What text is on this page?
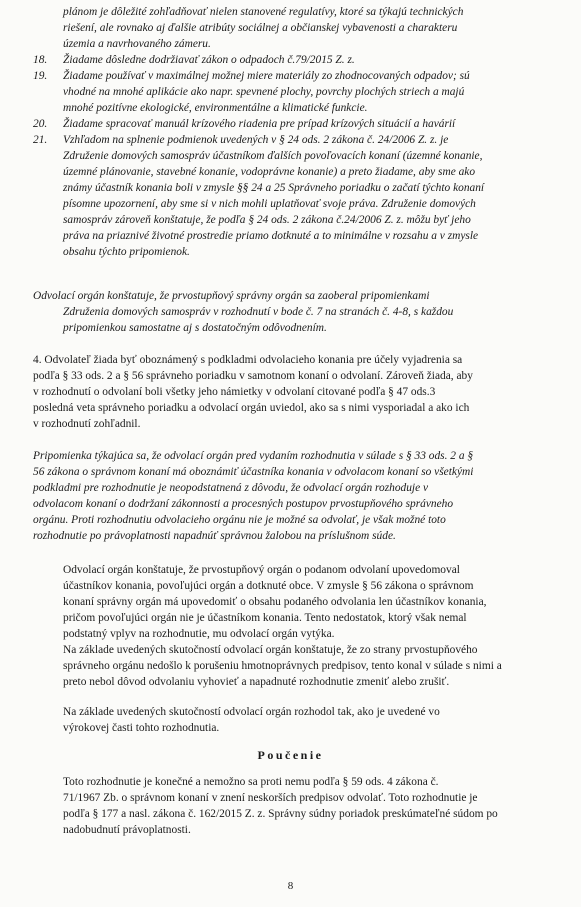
plánom je dôležité zohľadňovať nielen stanovené regulatívy, ktoré sa týkajú technických
riešení, ale rovnako aj ďalšie atribúty sociálnej a občianskej vybavenosti a charakteru
územia a navrhovaného zámeru.
18. Žiadame dôsledne dodržiavať zákon o odpadoch č.79/2015 Z. z.
19. Žiadame používať v maximálnej možnej miere materiály zo zhodnocovaných odpadov; sú
vhodné na mnohé aplikácie ako napr. spevnené plochy, povrchy plochých striech a majú
mnohé pozitívne ekologické, environmentálne a klimatické funkcie.
20. Žiadame spracovať manuál krízového riadenia pre prípad krízových situácií a havárií
21. Vzhľadom na splnenie podmienok uvedených v § 24 ods. 2 zákona č. 24/2006 Z. z. je
Združenie domových samospráv účastníkom ďalších povoľovacích konaní (územné konanie,
územné plánovanie, stavebné konanie, vodoprávne konanie) a preto žiadame, aby sme ako
známy účastník konania boli v zmysle §§ 24 a 25 Správneho poriadku o začatí týchto konaní
písomne upozornení, aby sme si v nich mohli uplatňovať svoje práva. Združenie domových
samospráv zároveň konštatuje, že podľa § 24 ods. 2 zákona č.24/2006 Z. z. môžu byť jeho
práva na priaznivé životné prostredie priamo dotknuté a to minimálne v rozsahu a v zmysle
obsahu týchto pripomienok.
Odvolací orgán konštatuje, že prvostupňový správny orgán sa zaoberal pripomienkami
Združenia domových samospráv v rozhodnutí v bode č. 7 na stranách č. 4-8, s každou
pripomienkou samostatne aj s dostatočným odôvodnením.
4. Odvolateľ žiada byť oboznámený s podkladmi odvolacieho konania pre účely vyjadrenia sa
podľa § 33 ods. 2 a § 56 správneho poriadku v samotnom konaní o odvolaní. Zároveň žiada, aby
v rozhodnutí o odvolaní boli všetky jeho námietky v odvolaní citované podľa § 47 ods.3
posledná veta správneho poriadku a odvolací orgán uviedol, ako sa s nimi vysporiadal a ako ich
v rozhodnutí zohľadnil.
Pripomienka týkajúca sa, že odvolací orgán pred vydaním rozhodnutia v súlade s § 33 ods. 2 a §
56 zákona o správnom konaní má oboznámiť účastníka konania v odvolacom konaní so všetkými
podkladmi pre rozhodnutie je neopodstatnená z dôvodu, že odvolací orgán rozhoduje v
odvolacom konaní o dodržaní zákonnosti a procesných postupov prvostupňového správneho
orgánu. Proti rozhodnutiu odvolacieho orgánu nie je možné sa odvolať, je však možné toto
rozhodnutie po právoplatnosti napadnúť správnou žalobou na príslušnom súde.
Odvolací orgán konštatuje, že prvostupňový orgán o podanom odvolaní upovedomoval
účastníkov konania, povoľujúci orgán a dotknuté obce. V zmysle § 56 zákona o správnom
konaní správny orgán má upovedomiť o obsahu podaného odvolania len účastníkov konania,
pričom povoľujúci orgán nie je účastníkom konania. Tento nedostatok, ktorý však nemal
podstatný vplyv na rozhodnutie, mu odvolací orgán vytýka.
Na základe uvedených skutočností odvolací orgán konštatuje, že zo strany prvostupňového
správneho orgánu nedošlo k porušeniu hmotnoprávnych predpisov, tento konal v súlade s nimi a
preto nebol dôvod odvolaniu vyhovieť a napadnuté rozhodnutie zmeniť alebo zrušiť.
Na základe uvedených skutočností odvolací orgán rozhodol tak, ako je uvedené vo
výrokovej časti tohto rozhodnutia.
Poučenie
Toto rozhodnutie je konečné a nemožno sa proti nemu podľa § 59 ods. 4 zákona č.
71/1967 Zb. o správnom konaní v znení neskorších predpisov odvolať. Toto rozhodnutie je
podľa § 177 a nasl. zákona č. 162/2015 Z. z. Správny súdny poriadok preskúmateľné súdom po
nadobudnutí právoplatnosti.
8
